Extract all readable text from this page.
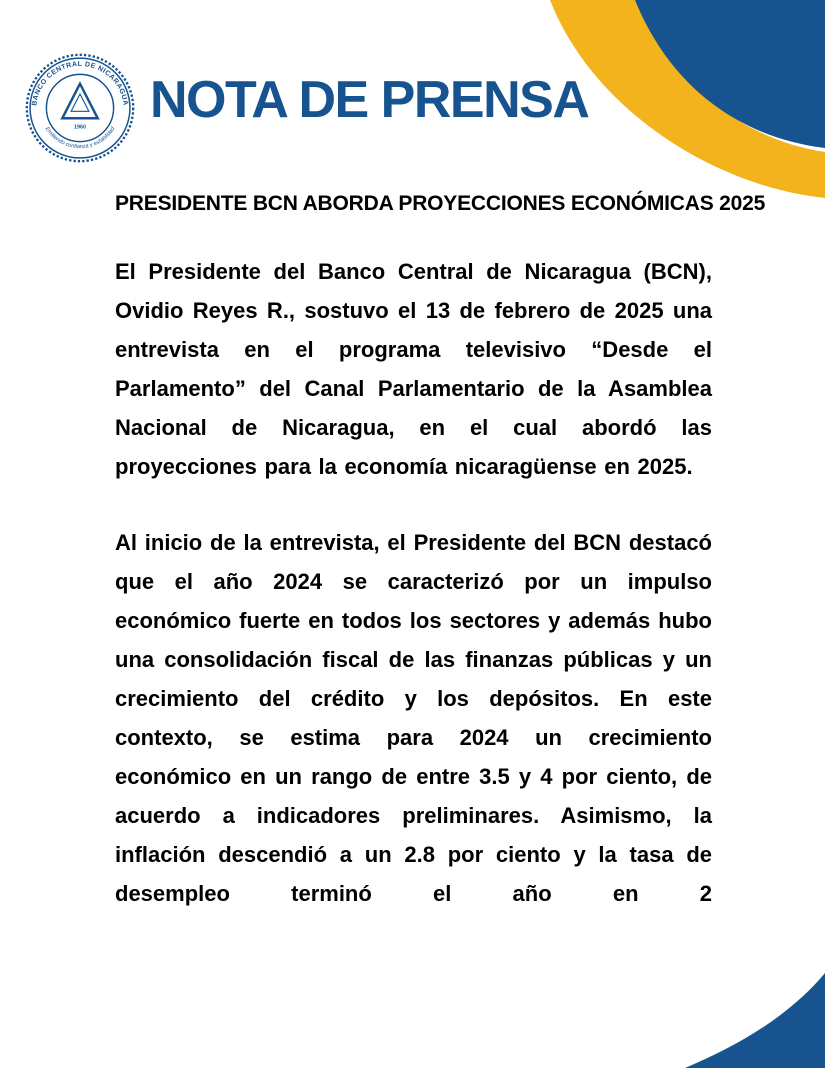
BANCO CENTRAL DE NICARAGUA
Emitiendo confianza y estabilidad
1960 NOTA DE PRENSA
PRESIDENTE BCN ABORDA PROYECCIONES ECONÓMICAS 2025

El Presidente del Banco Central de Nicaragua (BCN), Ovidio Reyes R., sostuvo el 13 de febrero de 2025 una entrevista en el programa televisivo “Desde el Parlamento” del Canal Parlamentario de la Asamblea Nacional de Nicaragua, en el cual abordó las proyecciones para la economía nicaragüense en 2025.

Al inicio de la entrevista, el Presidente del BCN destacó que el año 2024 se caracterizó por un impulso económico fuerte en todos los sectores y además hubo una consolidación fiscal de las finanzas públicas y un crecimiento del crédito y los depósitos. En este contexto, se estima para 2024 un crecimiento económico en un rango de entre 3.5 y 4 por ciento, de acuerdo a indicadores preliminares. Asimismo, la inflación descendió a un 2.8 por ciento y la tasa de desempleo terminó el año en 2
